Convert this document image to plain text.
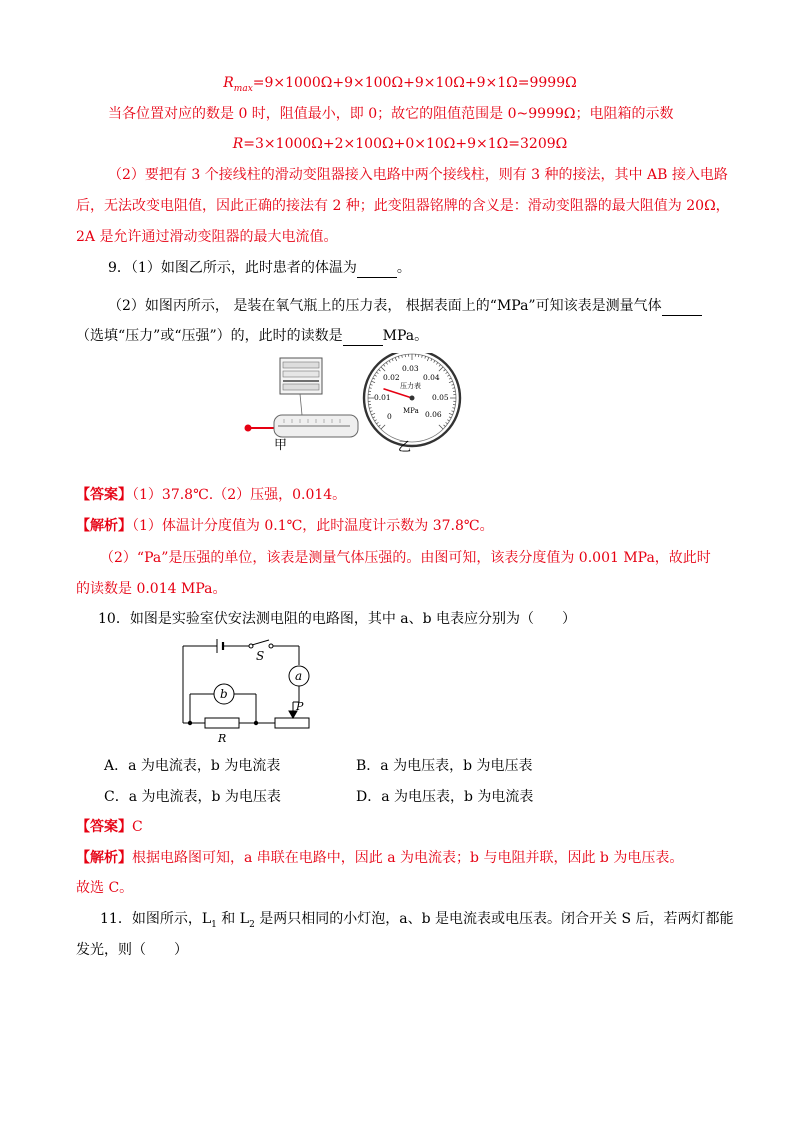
$R_{max}=9\times 1000\Omega+9\times 100\Omega+9\times 10\Omega+9\times 1\Omega=9999\Omega$
当各位置对应的数是 0 时，阻值最小，即 0；故它的阻值范围是 0~9999Ω；电阻箱的示数
R=3×1000Ω+2×100Ω+0×10Ω+9×1Ω=3209Ω
（2）要把有 3 个接线柱的滑动变阻器接入电路中两个接线柱，则有 3 种的接法，其中 AB 接入电路
后，无法改变电阻值，因此正确的接法有 2 种；此变阻器铭牌的含义是：滑动变阻器的最大阻值为 20Ω，
2A 是允许通过滑动变阻器的最大电流值。
9．（1）如图乙所示，此时患者的体温为	。
（2）如图丙所示， 是装在氧气瓶上的压力表， 根据表面上的“MPa”可知该表是测量气体
（选填“压力”或“压强”）的，此时的读数是	MPa。
甲
0.03
0.02	0.04
0.01	0.05
0	0.06
压力表
MPa
乙
【答案】（1）37.8℃.（2）压强，0.014。
【解析】（1）体温计分度值为 0.1℃，此时温度计示数为 37.8℃。
（2）“Pa”是压强的单位，该表是测量气体压强的。由图可知，该表分度值为 0.001 MPa，故此时
的读数是 0.014 MPa。
10．如图是实验室伏安法测电阻的电路图，其中 a、b 电表应分别为（　　）
S
a
b
R
P
A．a 为电流表，b 为电流表	B．a 为电压表，b 为电压表
C．a 为电流表，b 为电压表	D．a 为电压表，b 为电流表
【答案】C
【解析】根据电路图可知，a 串联在电路中，因此 a 为电流表；b 与电阻并联，因此 b 为电压表。
故选 C。
11．如图所示，$L_1$ 和 $L_2$ 是两只相同的小灯泡，a、b 是电流表或电压表。闭合开关 S 后，若两灯都能
发光，则（　　）
